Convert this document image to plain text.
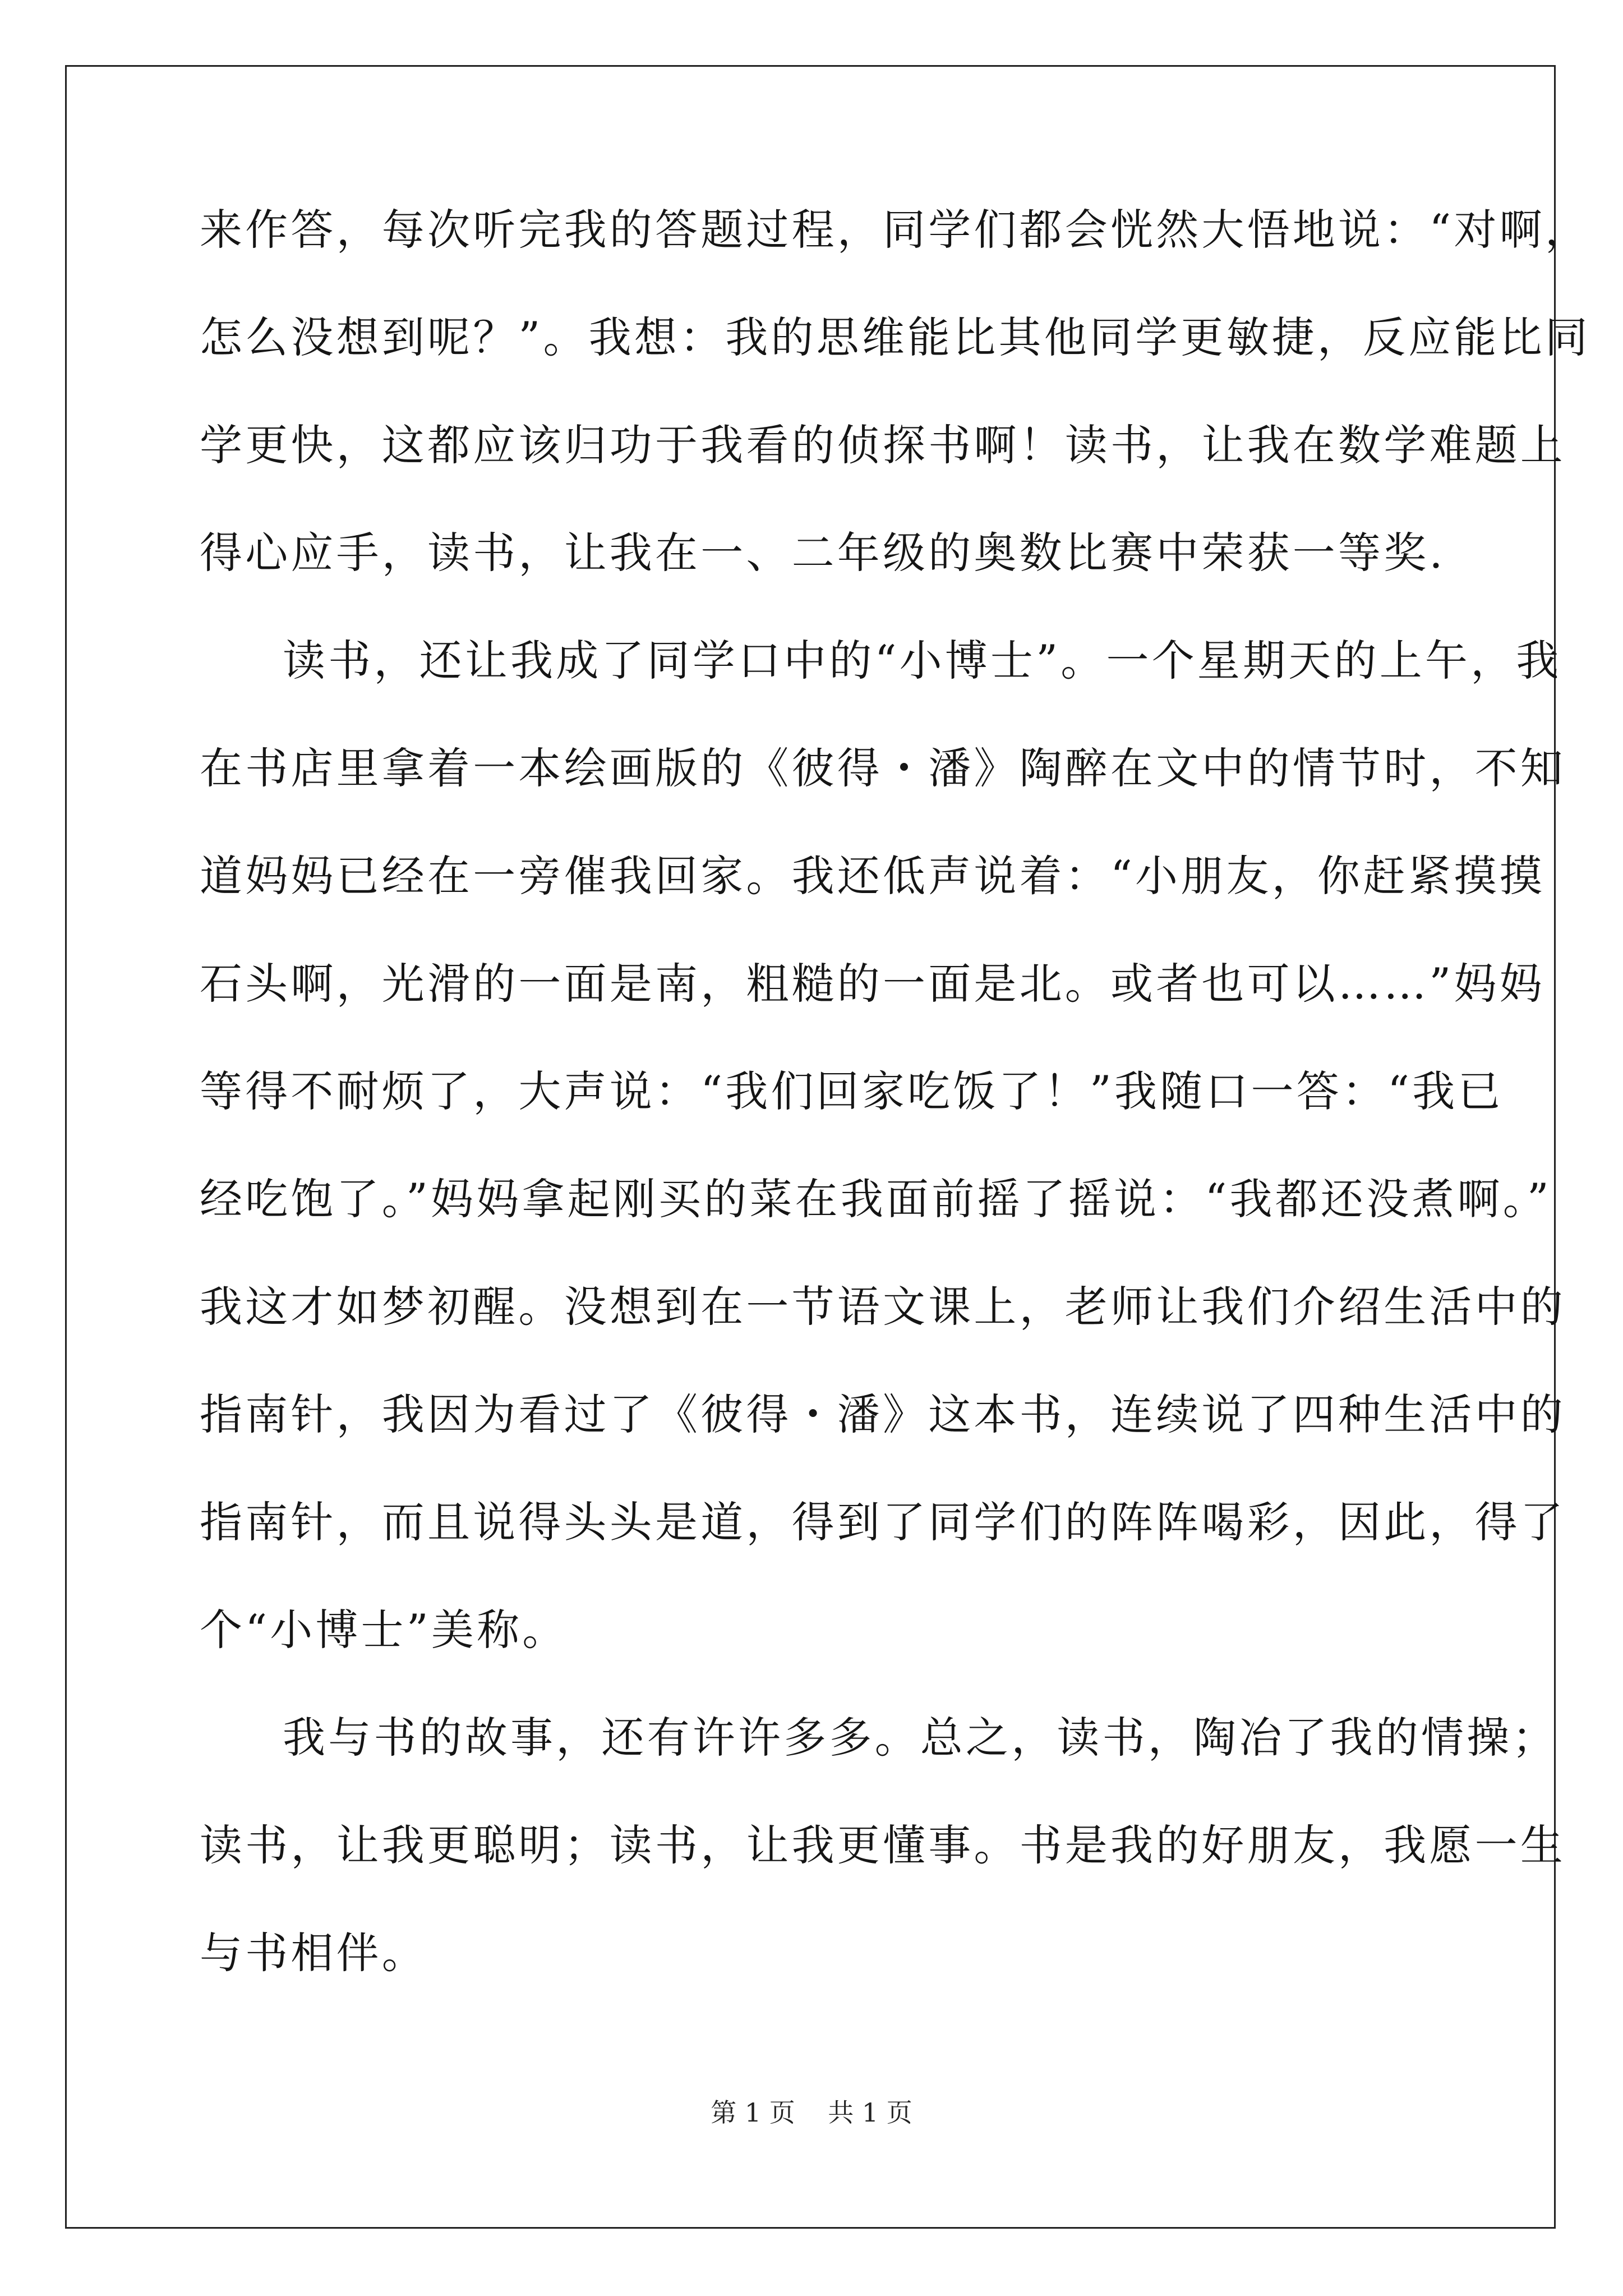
来作答，每次听完我的答题过程，同学们都会恍然大悟地说：“对啊，
怎么没想到呢？”。我想：我的思维能比其他同学更敏捷，反应能比同
学更快，这都应该归功于我看的侦探书啊！读书，让我在数学难题上
得心应手，读书，让我在一、二年级的奥数比赛中荣获一等奖.
读书，还让我成了同学口中的“小博士”。一个星期天的上午，我
在书店里拿着一本绘画版的《彼得・潘》陶醉在文中的情节时，不知
道妈妈已经在一旁催我回家。我还低声说着：“小朋友，你赶紧摸摸
石头啊，光滑的一面是南，粗糙的一面是北。或者也可以……”妈妈
等得不耐烦了，大声说：“我们回家吃饭了！”我随口一答：“我已
经吃饱了。”妈妈拿起刚买的菜在我面前摇了摇说：“我都还没煮啊。”
我这才如梦初醒。没想到在一节语文课上，老师让我们介绍生活中的
指南针，我因为看过了《彼得・潘》这本书，连续说了四种生活中的
指南针，而且说得头头是道，得到了同学们的阵阵喝彩，因此，得了
个“小博士”美称。
我与书的故事，还有许许多多。总之，读书，陶冶了我的情操；
读书，让我更聪明；读书，让我更懂事。书是我的好朋友，我愿一生
与书相伴。
第 1 页    共 1 页
